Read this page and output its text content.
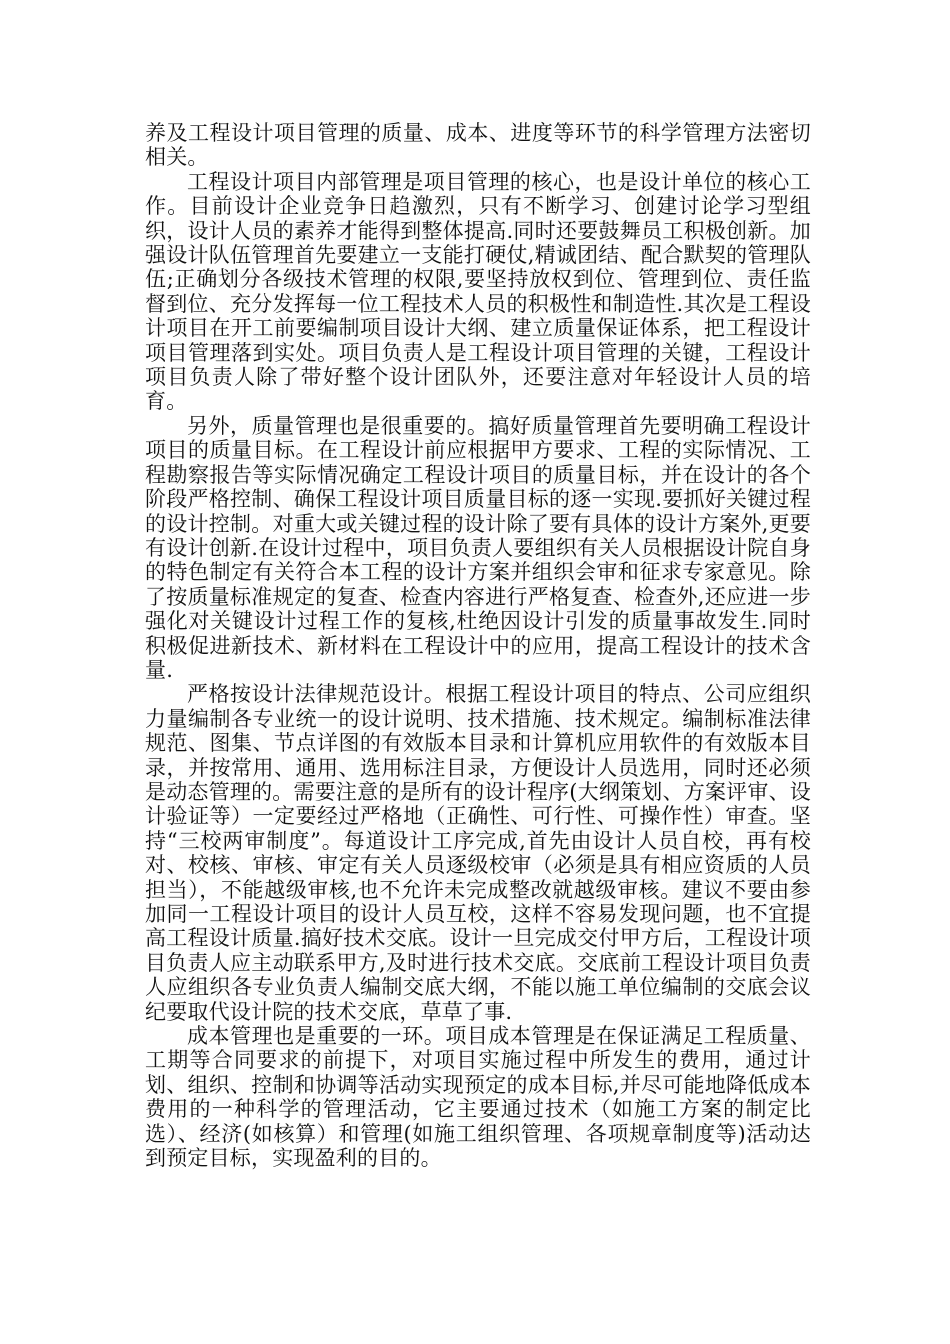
养及工程设计项目管理的质量、成本、进度等环节的科学管理方法密切相关。

工程设计项目内部管理是项目管理的核心，也是设计单位的核心工作。目前设计企业竞争日趋激烈，只有不断学习、创建讨论学习型组织，设计人员的素养才能得到整体提高.同时还要鼓舞员工积极创新。加强设计队伍管理首先要建立一支能打硬仗,精诚团结、配合默契的管理队伍;正确划分各级技术管理的权限,要坚持放权到位、管理到位、责任监督到位、充分发挥每一位工程技术人员的积极性和制造性.其次是工程设计项目在开工前要编制项目设计大纲、建立质量保证体系，把工程设计项目管理落到实处。项目负责人是工程设计项目管理的关键，工程设计项目负责人除了带好整个设计团队外，还要注意对年轻设计人员的培育。

另外，质量管理也是很重要的。搞好质量管理首先要明确工程设计项目的质量目标。在工程设计前应根据甲方要求、工程的实际情况、工程勘察报告等实际情况确定工程设计项目的质量目标，并在设计的各个阶段严格控制、确保工程设计项目质量目标的逐一实现.要抓好关键过程的设计控制。对重大或关键过程的设计除了要有具体的设计方案外,更要有设计创新.在设计过程中，项目负责人要组织有关人员根据设计院自身的特色制定有关符合本工程的设计方案并组织会审和征求专家意见。除了按质量标准规定的复查、检查内容进行严格复查、检查外,还应进一步强化对关键设计过程工作的复核,杜绝因设计引发的质量事故发生.同时积极促进新技术、新材料在工程设计中的应用，提高工程设计的技术含量.

严格按设计法律规范设计。根据工程设计项目的特点、公司应组织力量编制各专业统一的设计说明、技术措施、技术规定。编制标准法律规范、图集、节点详图的有效版本目录和计算机应用软件的有效版本目录，并按常用、通用、选用标注目录，方便设计人员选用，同时还必须是动态管理的。需要注意的是所有的设计程序(大纲策划、方案评审、设计验证等）一定要经过严格地（正确性、可行性、可操作性）审查。坚持“三校两审制度”。每道设计工序完成,首先由设计人员自校，再有校对、校核、审核、审定有关人员逐级校审（必须是具有相应资质的人员担当），不能越级审核,也不允许未完成整改就越级审核。建议不要由参加同一工程设计项目的设计人员互校，这样不容易发现问题，也不宜提高工程设计质量.搞好技术交底。设计一旦完成交付甲方后，工程设计项目负责人应主动联系甲方,及时进行技术交底。交底前工程设计项目负责人应组织各专业负责人编制交底大纲，不能以施工单位编制的交底会议纪要取代设计院的技术交底，草草了事.

成本管理也是重要的一环。项目成本管理是在保证满足工程质量、工期等合同要求的前提下，对项目实施过程中所发生的费用，通过计划、组织、控制和协调等活动实现预定的成本目标,并尽可能地降低成本费用的一种科学的管理活动，它主要通过技术（如施工方案的制定比选）、经济(如核算）和管理(如施工组织管理、各项规章制度等)活动达到预定目标，实现盈利的目的。
